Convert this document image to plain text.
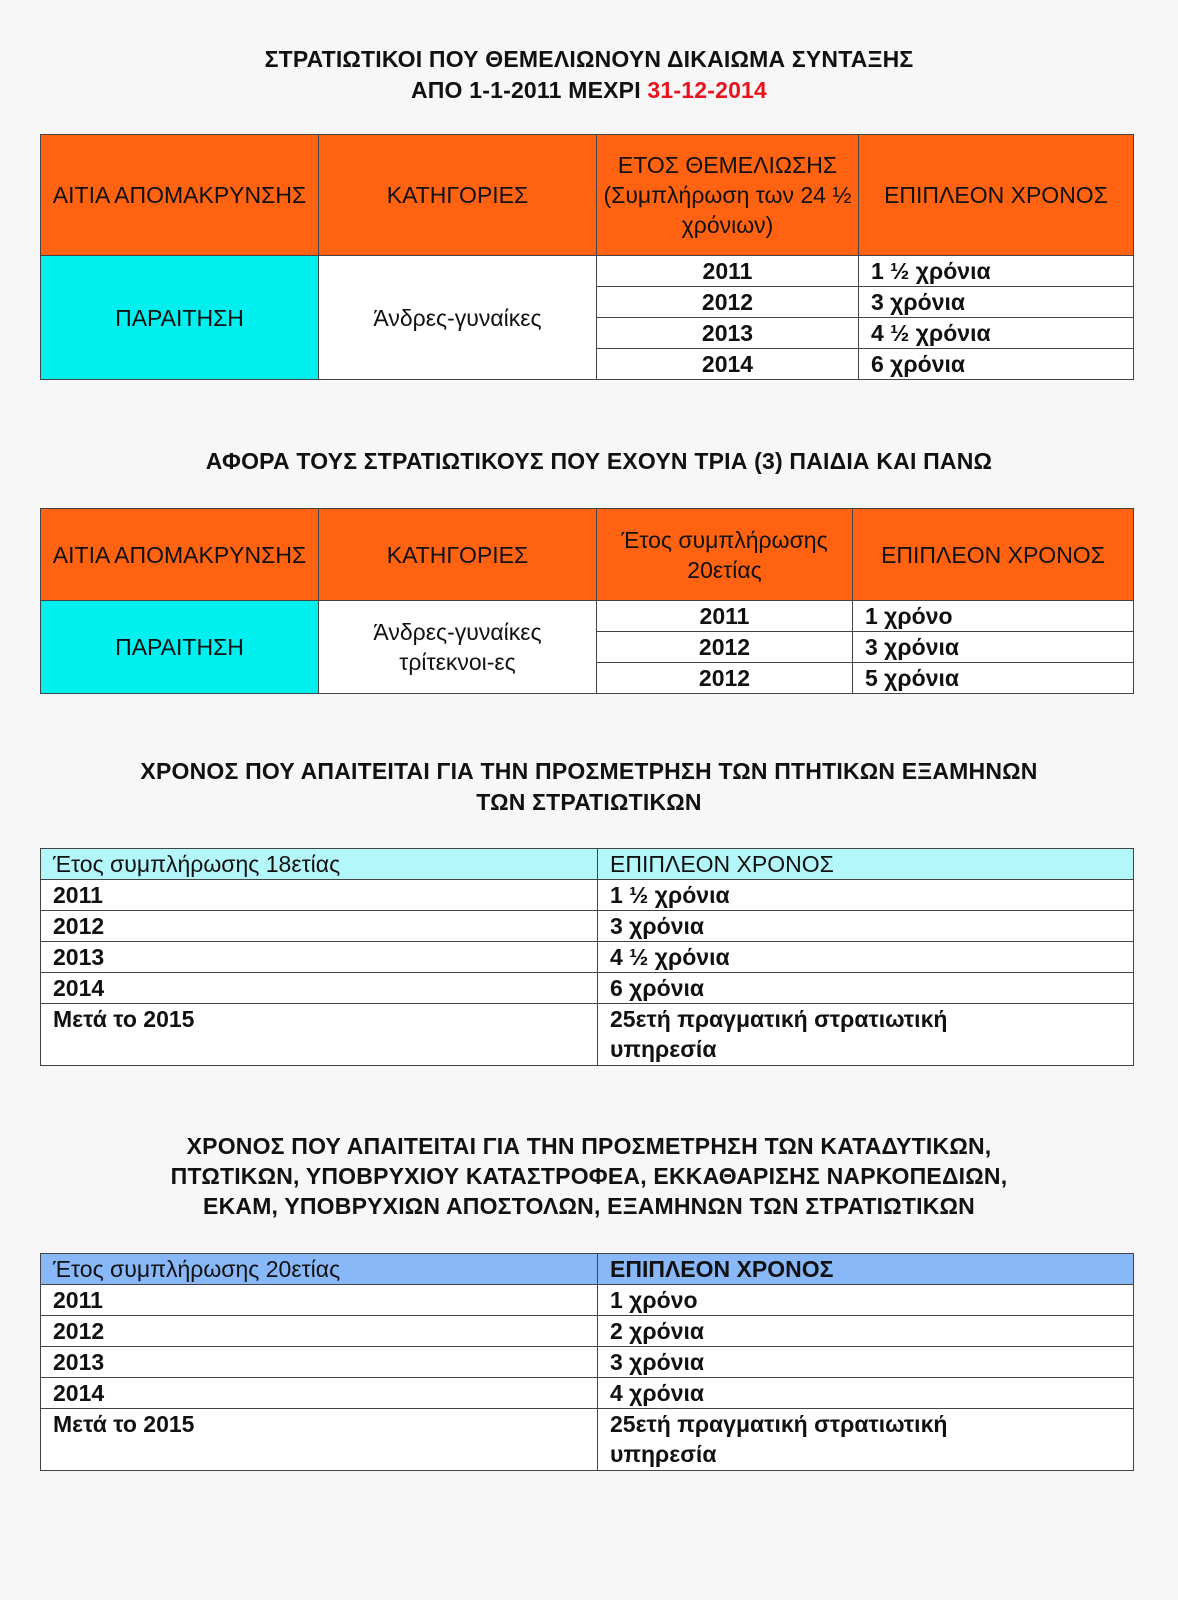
ΣΤΡΑΤΙΩΤΙΚΟΙ ΠΟΥ ΘΕΜΕΛΙΩΝΟΥΝ ΔΙΚΑΙΩΜΑ ΣΥΝΤΑΞΗΣ
ΑΠΟ 1-1-2011 ΜΕΧΡΙ 31-12-2014
ΑΙΤΙΑ ΑΠΟΜΑΚΡΥΝΣΗΣ	ΚΑΤΗΓΟΡΙΕΣ	ΕΤΟΣ ΘΕΜΕΛΙΩΣΗΣ (Συμπλήρωση των 24 ½ χρόνιων)	ΕΠΙΠΛΕΟΝ ΧΡΟΝΟΣ
ΠΑΡΑΙΤΗΣΗ	Άνδρες-γυναίκες	2011	1 ½ χρόνια
		2012	3 χρόνια
		2013	4 ½ χρόνια
		2014	6 χρόνια
ΑΦΟΡΑ ΤΟΥΣ ΣΤΡΑΤΙΩΤΙΚΟΥΣ ΠΟΥ ΕΧΟΥΝ ΤΡΙΑ (3) ΠΑΙΔΙΑ ΚΑΙ ΠΑΝΩ
ΑΙΤΙΑ ΑΠΟΜΑΚΡΥΝΣΗΣ	ΚΑΤΗΓΟΡΙΕΣ	Έτος συμπλήρωσης 20ετίας	ΕΠΙΠΛΕΟΝ ΧΡΟΝΟΣ
ΠΑΡΑΙΤΗΣΗ	Άνδρες-γυναίκες τρίτεκνοι-ες	2011	1 χρόνο
		2012	3 χρόνια
		2012	5 χρόνια
ΧΡΟΝΟΣ ΠΟΥ ΑΠΑΙΤΕΙΤΑΙ ΓΙΑ ΤΗΝ ΠΡΟΣΜΕΤΡΗΣΗ ΤΩΝ ΠΤΗΤΙΚΩΝ ΕΞΑΜΗΝΩΝ
ΤΩΝ ΣΤΡΑΤΙΩΤΙΚΩΝ
Έτος συμπλήρωσης 18ετίας	ΕΠΙΠΛΕΟΝ ΧΡΟΝΟΣ
2011	1 ½ χρόνια
2012	3 χρόνια
2013	4 ½ χρόνια
2014	6 χρόνια
Μετά το 2015	25ετή πραγματική στρατιωτική υπηρεσία
ΧΡΟΝΟΣ ΠΟΥ ΑΠΑΙΤΕΙΤΑΙ ΓΙΑ ΤΗΝ ΠΡΟΣΜΕΤΡΗΣΗ ΤΩΝ ΚΑΤΑΔΥΤΙΚΩΝ,
ΠΤΩΤΙΚΩΝ, ΥΠΟΒΡΥΧΙΟΥ ΚΑΤΑΣΤΡΟΦΕΑ, ΕΚΚΑΘΑΡΙΣΗΣ ΝΑΡΚΟΠΕΔΙΩΝ,
ΕΚΑΜ, ΥΠΟΒΡΥΧΙΩΝ ΑΠΟΣΤΟΛΩΝ, ΕΞΑΜΗΝΩΝ ΤΩΝ ΣΤΡΑΤΙΩΤΙΚΩΝ
Έτος συμπλήρωσης 20ετίας	ΕΠΙΠΛΕΟΝ ΧΡΟΝΟΣ
2011	1 χρόνο
2012	2 χρόνια
2013	3 χρόνια
2014	4 χρόνια
Μετά το 2015	25ετή πραγματική στρατιωτική υπηρεσία
